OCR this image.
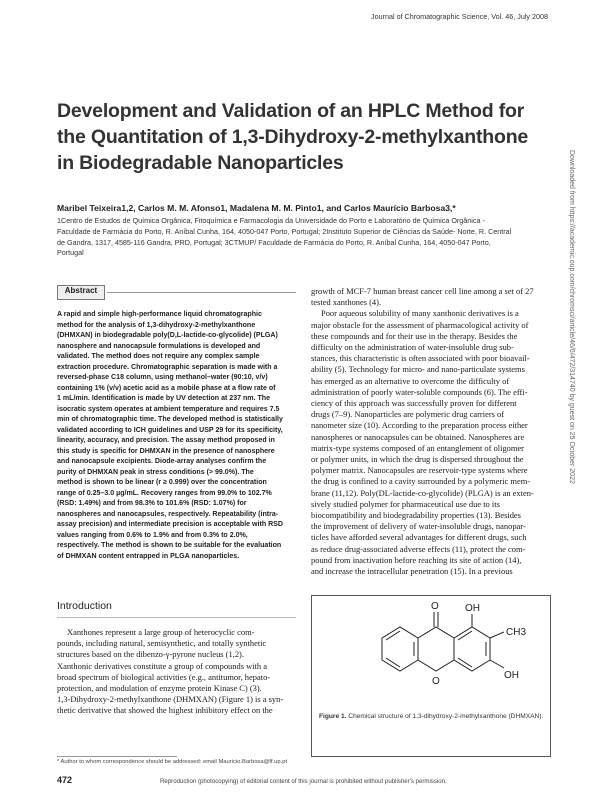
Journal of Chromatographic Science, Vol. 46, July 2008
Development and Validation of an HPLC Method for
the Quantitation of 1,3-Dihydroxy-2-methylxanthone
in Biodegradable Nanoparticles
Maribel Teixeira1,2, Carlos M. M. Afonso1, Madalena M. M. Pinto1, and Carlos Maurício Barbosa3,*
1Centro de Estudos de Química Orgânica, Fitoquímica e Farmacologia da Universidade do Porto e Laboratório de Química Orgânica -
Faculdade de Farmácia do Porto, R. Aníbal Cunha, 164, 4050-047 Porto, Portugal; 2Instituto Superior de Ciências da Saúde- Norte, R. Central
de Gandra, 1317, 4585-116 Gandra, PRD, Portugal; 3CTMUP/ Faculdade de Farmácia do Porto, R. Aníbal Cunha, 164, 4050-047 Porto,
Portugal	Downloaded from https://academic.oup.com/chromsci/article/46/6/472/314740 by guest on 25 October 2022
Abstract
A rapid and simple high-performance liquid chromatographic
method for the analysis of 1,3-dihydroxy-2-methylxanthone
(DHMXAN) in biodegradable poly(D,L-lactide-co-glycolide) (PLGA)
nanosphere and nanocapsule formulations is developed and
validated. The method does not require any complex sample
extraction procedure. Chromatographic separation is made with a
reversed-phase C18 column, using methanol–water (90:10, v/v)
containing 1% (v/v) acetic acid as a mobile phase at a flow rate of
1 mL/min. Identification is made by UV detection at 237 nm. The
isocratic system operates at ambient temperature and requires 7.5
min of chromatographic time. The developed method is statistically
validated according to ICH guidelines and USP 29 for its specificity,
linearity, accuracy, and precision. The assay method proposed in
this study is specific for DHMXAN in the presence of nanosphere
and nanocapsule excipients. Diode-array analyses confirm the
purity of DHMXAN peak in stress conditions (> 99.0%). The
method is shown to be linear (r ≥ 0.999) over the concentration
range of 0.25–3.0 µg/mL. Recovery ranges from 99.0% to 102.7%
(RSD: 1.49%) and from 98.3% to 101.6% (RSD: 1.07%) for
nanospheres and nanocapsules, respectively. Repeatability (intra-
assay precision) and intermediate precision is acceptable with RSD
values ranging from 0.6% to 1.9% and from 0.3% to 2.0%,
respectively. The method is shown to be suitable for the evaluation
of DHMXAN content entrapped in PLGA nanoparticles.
Introduction
Xanthones represent a large group of heterocyclic com-
pounds, including natural, semisynthetic, and totally synthetic
structures based on the dibenzo-γ-pyrone nucleus (1,2).
Xanthonic derivatives constitute a group of compounds with a
broad spectrum of biological activities (e.g., antitumor, hepato-
protection, and modulation of enzyme protein Kinase C) (3).
1,3-Dihydroxy-2-methylxanthone (DHMXAN) (Figure 1) is a syn-
thetic derivative that showed the highest inhibitory effect on the
* Author to whom correspondence should be addressed: email Mauricio.Barbosa@ff.up.pt
growth of MCF-7 human breast cancer cell line among a set of 27
tested xanthones (4).
Poor aqueous solubility of many xanthonic derivatives is a
major obstacle for the assessment of pharmacological activity of
these compounds and for their use in the therapy. Besides the
difficulty on the administration of water-insoluble drug sub-
stances, this characteristic is often associated with poor bioavail-
ability (5). Technology for micro- and nano-particulate systems
has emerged as an alternative to overcome the difficulty of
administration of poorly water-soluble compounds (6). The effi-
ciency of this approach was successfully proven for different
drugs (7–9). Nanoparticles are polymeric drug carriers of
nanometer size (10). According to the preparation process either
nanospheres or nanocapsules can be obtained. Nanospheres are
matrix-type systems composed of an entanglement of oligomer
or polymer units, in which the drug is dispersed throughout the
polymer matrix. Nanocapsules are reservoir-type systems where
the drug is confined to a cavity surrounded by a polymeric mem-
brane (11,12). Poly(DL-lactide-co-glycolide) (PLGA) is an exten-
sively studied polymer for pharmaceutical use due to its
biocompatibility and biodegradability properties (13). Besides
the improvement of delivery of water-insoluble drugs, nanopar-
ticles have afforded several advantages for different drugs, such
as reduce drug-associated adverse effects (11), protect the com-
pound from inactivation before reaching its site of action (14),
and increase the intracellular penetration (15). In a previous
O	OH
CH3
OH
O
Figure 1. Chemical structure of 1,3-dihydroxy-2-methylxanthone (DHMXAN).
472	Reproduction (photocopying) of editorial content of this journal is prohibited without publisher's permission.
